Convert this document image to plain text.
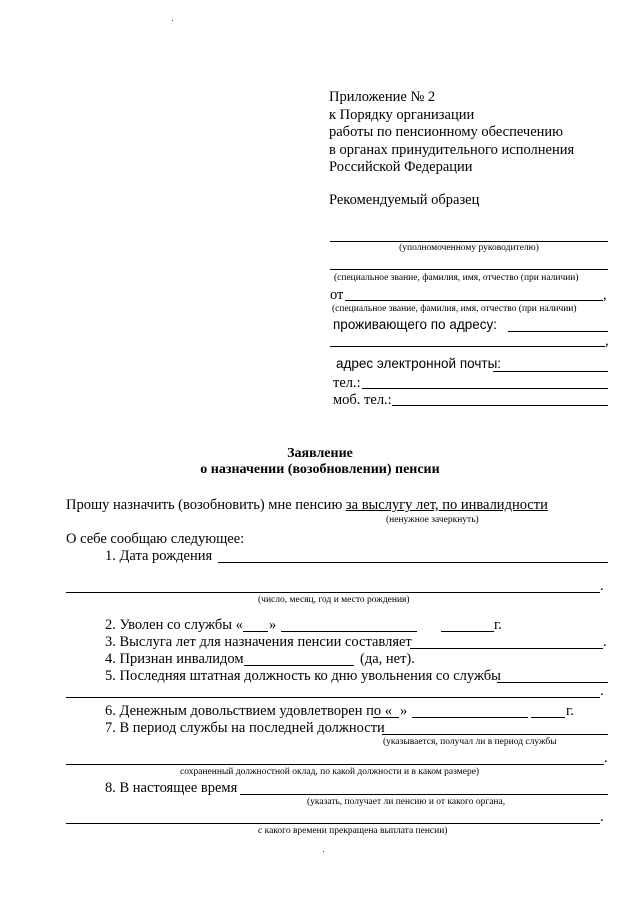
Приложение № 2
к Порядку организации
работы по пенсионному обеспечению
в органах принудительного исполнения
Российской Федерации
Рекомендуемый образец
(уполномоченному руководителю)
(специальное звание, фамилия, имя, отчество (при наличии)
от	,
(специальное звание, фамилия, имя, отчество (при наличии)
проживающего по адресу:
,
адрес электронной почты:
тел.:
моб. тел.:
Заявление
о назначении (возобновлении) пенсии
Прошу назначить (возобновить) мне пенсию за выслугу лет, по инвалидности
(ненужное зачеркнуть)
О себе сообщаю следующее:
1. Дата рождения
.
(число, месяц, год и место рождения)
2. Уволен со службы « »	г.
3. Выслуга лет для назначения пенсии составляет	.
4. Признан инвалидом	(да, нет).
5. Последняя штатная должность ко дню увольнения со службы
.
6. Денежным довольствием удовлетворен по « »	г.
7. В период службы на последней должности
(указывается, получал ли в период службы
.
сохраненный должностной оклад, по какой должности и в каком размере)
8. В настоящее время
(указать, получает ли пенсию и от какого органа,
.
с какого времени прекращена выплата пенсии)
